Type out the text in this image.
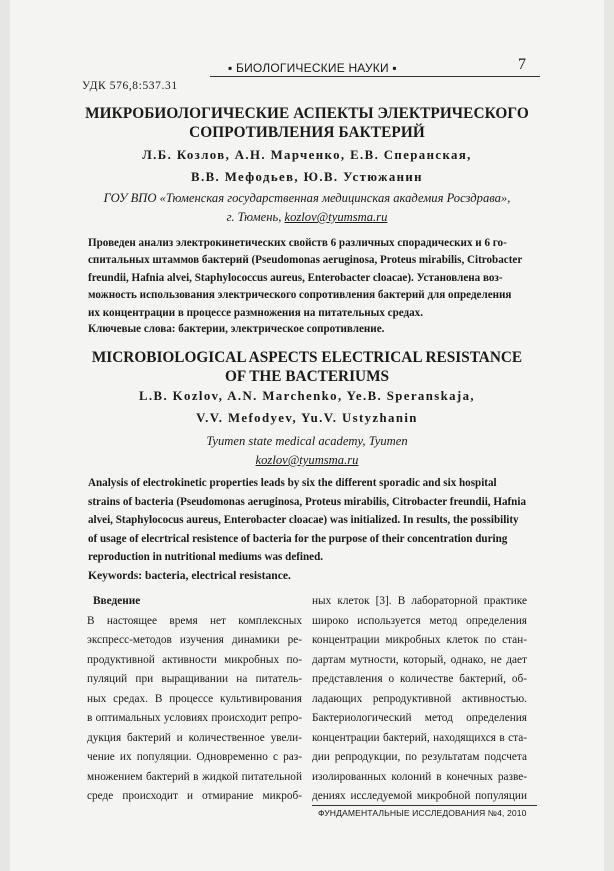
▪ БИОЛОГИЧЕСКИЕ НАУКИ ▪	7
УДК 576,8:537.31
МИКРОБИОЛОГИЧЕСКИЕ АСПЕКТЫ ЭЛЕКТРИЧЕСКОГО
СОПРОТИВЛЕНИЯ БАКТЕРИЙ
Л.Б. Козлов, А.Н. Марченко, Е.В. Сперанская,
В.В. Мефодьев, Ю.В. Устюжанин
ГОУ ВПО «Тюменская государственная медицинская академия Росздрава»,
г. Тюмень, kozlov@tyumsma.ru
Проведен анализ электрокинетических свойств 6 различных спорадических и 6 го-
спитальных штаммов бактерий (Pseudomonas aeruginosa, Proteus mirabilis, Citrobacter
freundii, Hafnia alvei, Staphylococcus aureus, Enterobacter cloacae). Установлена воз-
можность использования электрического сопротивления бактерий для определения
их концентрации в процессе размножения на питательных средах.
Ключевые слова: бактерии, электрическое сопротивление.
MICROBIOLOGICAL ASPECTS ELECTRICAL RESISTANCE
OF THE BACTERIUMS
L.B. Kozlov, A.N. Marchenko, Ye.B. Speranskaja,
V.V. Mefodyev, Yu.V. Ustyzhanin
Tyumen state medical academy, Tyumen
kozlov@tyumsma.ru
Analysis of electrokinetic properties leads by six the different sporadic and six hospital
strains of bacteria (Pseudomonas aeruginosa, Proteus mirabilis, Citrobacter freundii, Hafnia
alvei, Staphylococus aureus, Enterobacter cloacae) was initialized. In results, the possibility
of usage of elecrtrical resistence of bacteria for the purpose of their concentration during
reproduction in nutritional mediums was defined.
Keywords: bacteria, electrical resistance.
Введение
В настоящее время нет комплексных
экспресс-методов изучения динамики ре-
продуктивной активности микробных по-
пуляций при выращивании на питатель-
ных средах. В процессе культивирования
в оптимальных условиях происходит репро-
дукция бактерий и количественное увели-
чение их популяции. Одновременно с раз-
множением бактерий в жидкой питательной
среде происходит и отмирание микроб-
ных клеток [3]. В лабораторной практике
широко используется метод определения
концентрации микробных клеток по стан-
дартам мутности, который, однако, не дает
представления о количестве бактерий, об-
ладающих репродуктивной активностью.
Бактериологический метод определения
концентрации бактерий, находящихся в ста-
дии репродукции, по результатам подсчета
изолированных колоний в конечных разве-
дениях исследуемой микробной популяции
ФУНДАМЕНТАЛЬНЫЕ ИССЛЕДОВАНИЯ №4, 2010
